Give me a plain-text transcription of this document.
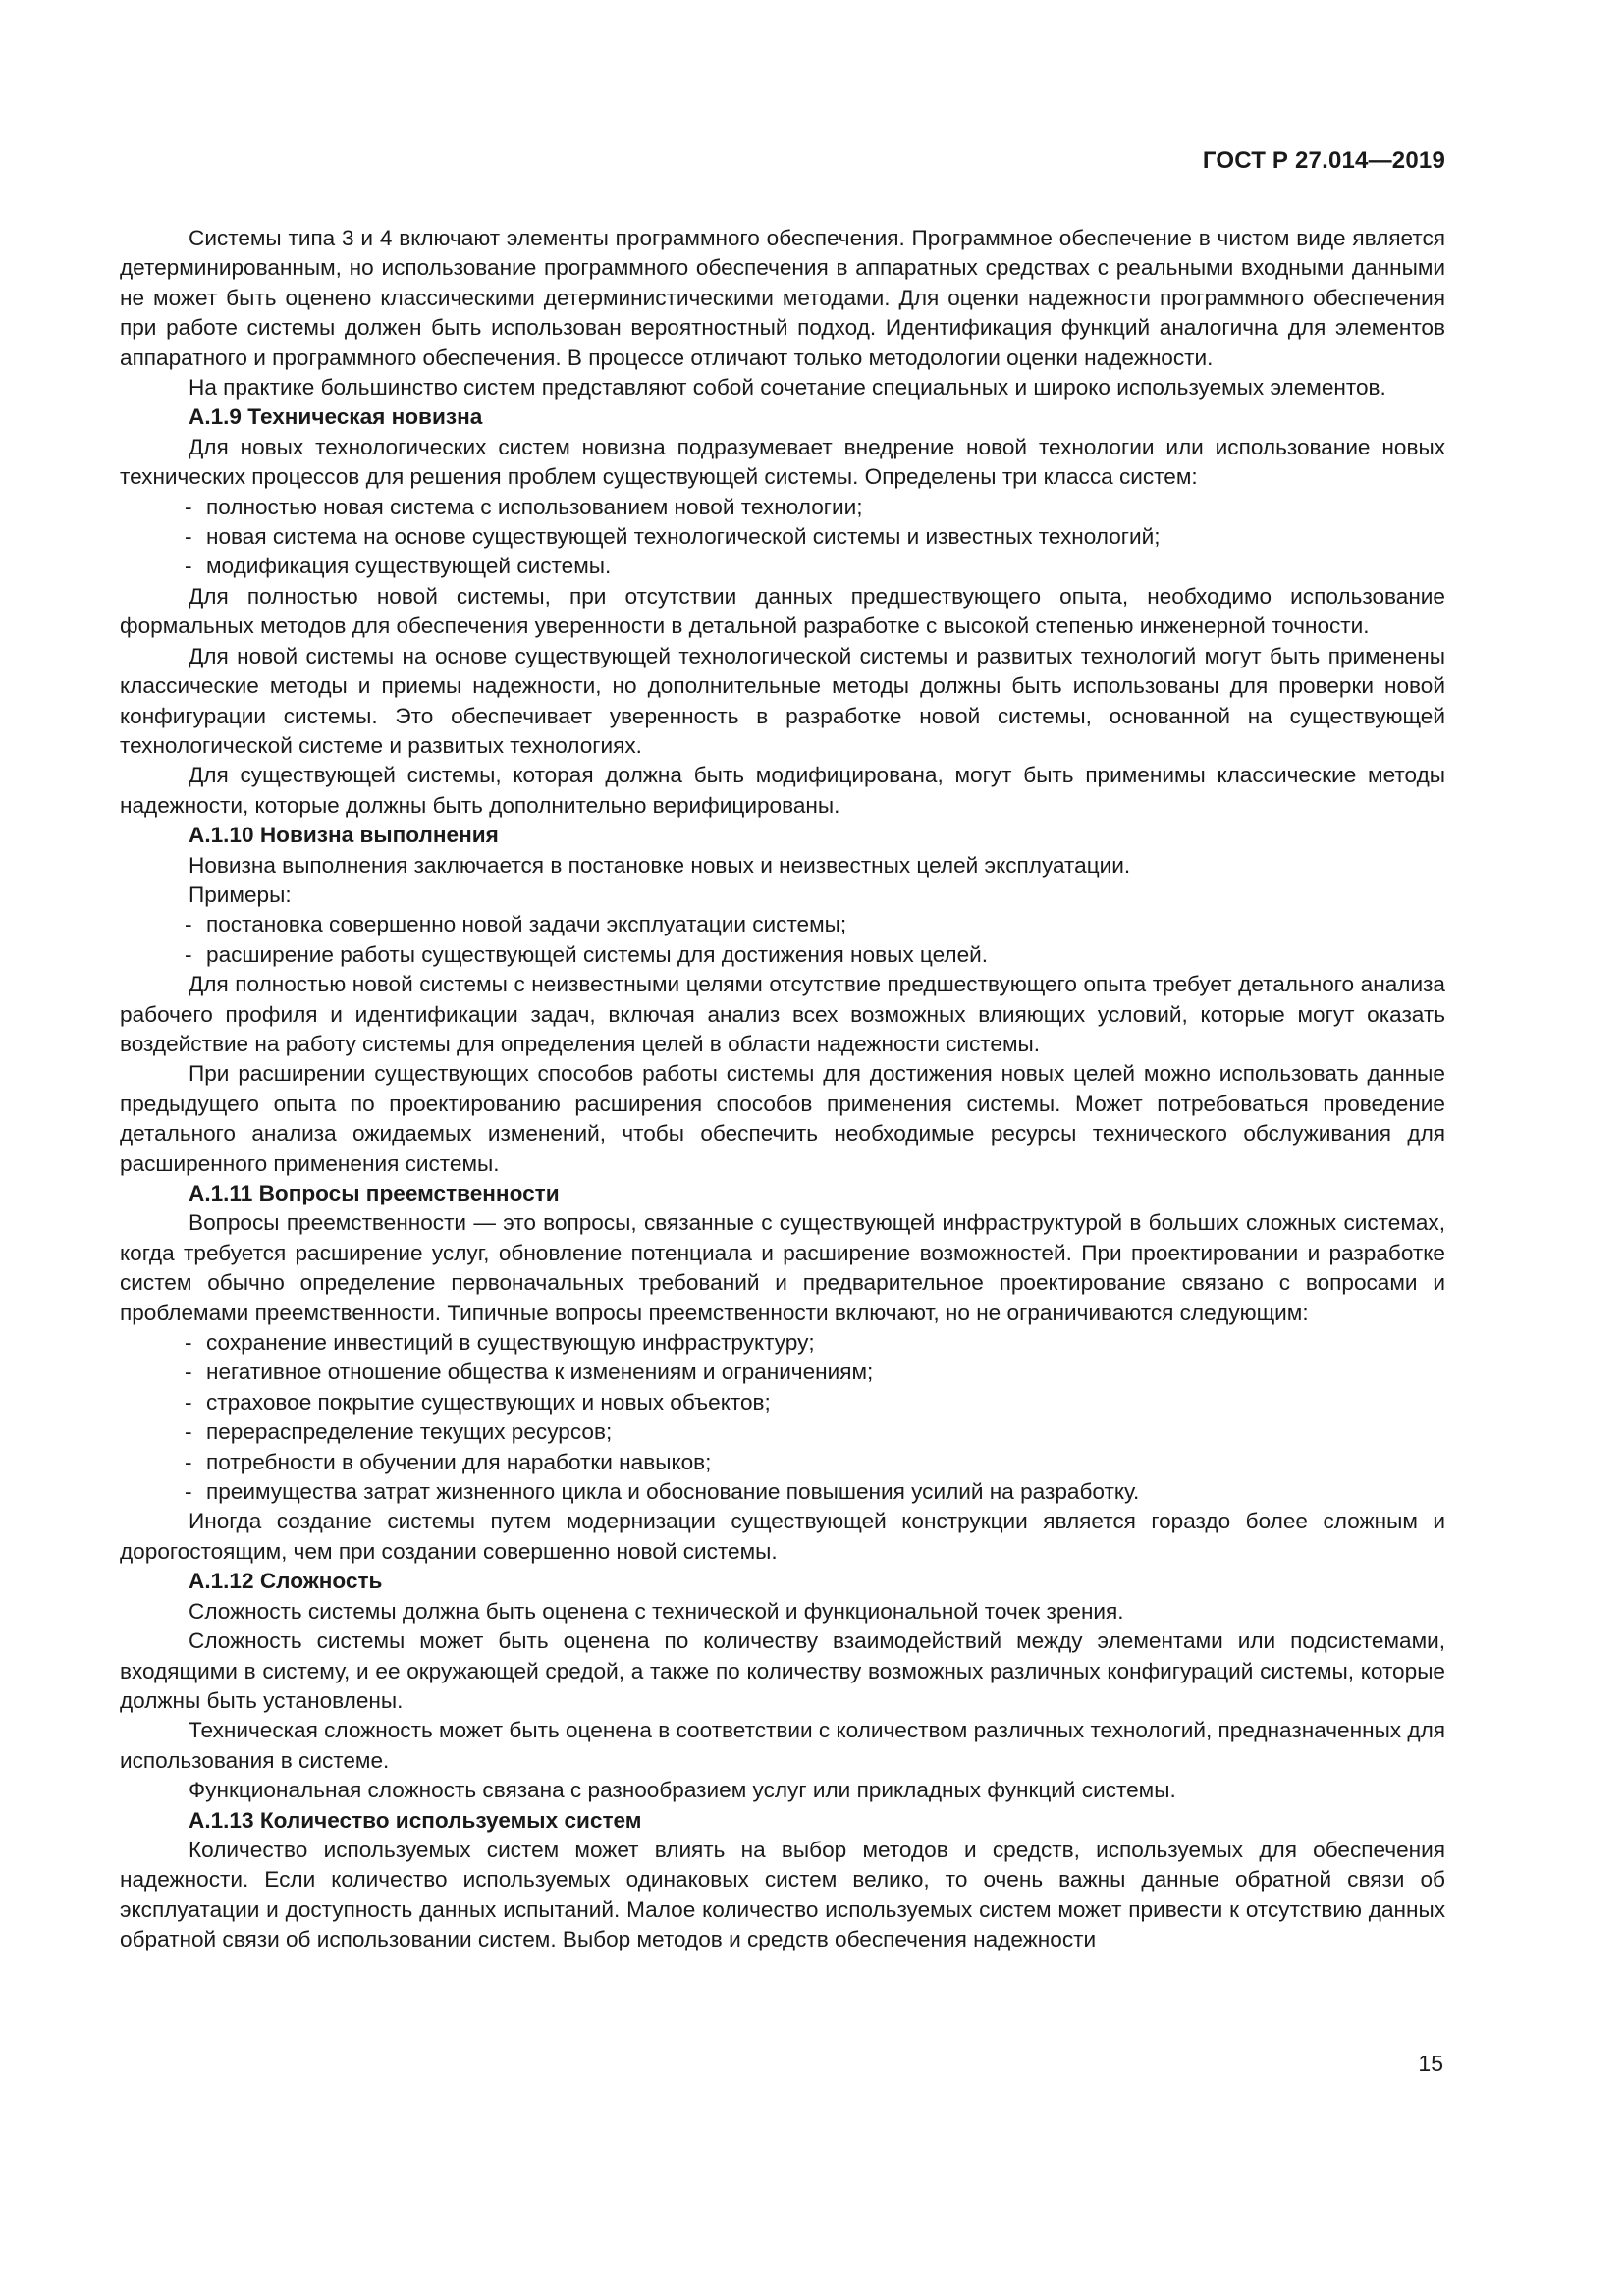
ГОСТ Р 27.014—2019

Системы типа 3 и 4 включают элементы программного обеспечения. Программное обеспечение в чистом виде является детерминированным, но использование программного обеспечения в аппаратных средствах с реальными входными данными не может быть оценено классическими детерминистическими методами. Для оценки надежности программного обеспечения при работе системы должен быть использован вероятностный подход. Идентификация функций аналогична для элементов аппаратного и программного обеспечения. В процессе отличают только методологии оценки надежности.

На практике большинство систем представляют собой сочетание специальных и широко используемых элементов.

А.1.9 Техническая новизна

Для новых технологических систем новизна подразумевает внедрение новой технологии или использование новых технических процессов для решения проблем существующей системы. Определены три класса систем:

- полностью новая система с использованием новой технологии;
- новая система на основе существующей технологической системы и известных технологий;
- модификация существующей системы.

Для полностью новой системы, при отсутствии данных предшествующего опыта, необходимо использование формальных методов для обеспечения уверенности в детальной разработке с высокой степенью инженерной точности.

Для новой системы на основе существующей технологической системы и развитых технологий могут быть применены классические методы и приемы надежности, но дополнительные методы должны быть использованы для проверки новой конфигурации системы. Это обеспечивает уверенность в разработке новой системы, основанной на существующей технологической системе и развитых технологиях.

Для существующей системы, которая должна быть модифицирована, могут быть применимы классические методы надежности, которые должны быть дополнительно верифицированы.

А.1.10 Новизна выполнения

Новизна выполнения заключается в постановке новых и неизвестных целей эксплуатации.

Примеры:

- постановка совершенно новой задачи эксплуатации системы;
- расширение работы существующей системы для достижения новых целей.

Для полностью новой системы с неизвестными целями отсутствие предшествующего опыта требует детального анализа рабочего профиля и идентификации задач, включая анализ всех возможных влияющих условий, которые могут оказать воздействие на работу системы для определения целей в области надежности системы.

При расширении существующих способов работы системы для достижения новых целей можно использовать данные предыдущего опыта по проектированию расширения способов применения системы. Может потребоваться проведение детального анализа ожидаемых изменений, чтобы обеспечить необходимые ресурсы технического обслуживания для расширенного применения системы.

А.1.11 Вопросы преемственности

Вопросы преемственности — это вопросы, связанные с существующей инфраструктурой в больших сложных системах, когда требуется расширение услуг, обновление потенциала и расширение возможностей. При проектировании и разработке систем обычно определение первоначальных требований и предварительное проектирование связано с вопросами и проблемами преемственности. Типичные вопросы преемственности включают, но не ограничиваются следующим:

- сохранение инвестиций в существующую инфраструктуру;
- негативное отношение общества к изменениям и ограничениям;
- страховое покрытие существующих и новых объектов;
- перераспределение текущих ресурсов;
- потребности в обучении для наработки навыков;
- преимущества затрат жизненного цикла и обоснование повышения усилий на разработку.

Иногда создание системы путем модернизации существующей конструкции является гораздо более сложным и дорогостоящим, чем при создании совершенно новой системы.

А.1.12 Сложность

Сложность системы должна быть оценена с технической и функциональной точек зрения.

Сложность системы может быть оценена по количеству взаимодействий между элементами или подсистемами, входящими в систему, и ее окружающей средой, а также по количеству возможных различных конфигураций системы, которые должны быть установлены.

Техническая сложность может быть оценена в соответствии с количеством различных технологий, предназначенных для использования в системе.

Функциональная сложность связана с разнообразием услуг или прикладных функций системы.

А.1.13 Количество используемых систем

Количество используемых систем может влиять на выбор методов и средств, используемых для обеспечения надежности. Если количество используемых одинаковых систем велико, то очень важны данные обратной связи об эксплуатации и доступность данных испытаний. Малое количество используемых систем может привести к отсутствию данных обратной связи об использовании систем. Выбор методов и средств обеспечения надежности

15
